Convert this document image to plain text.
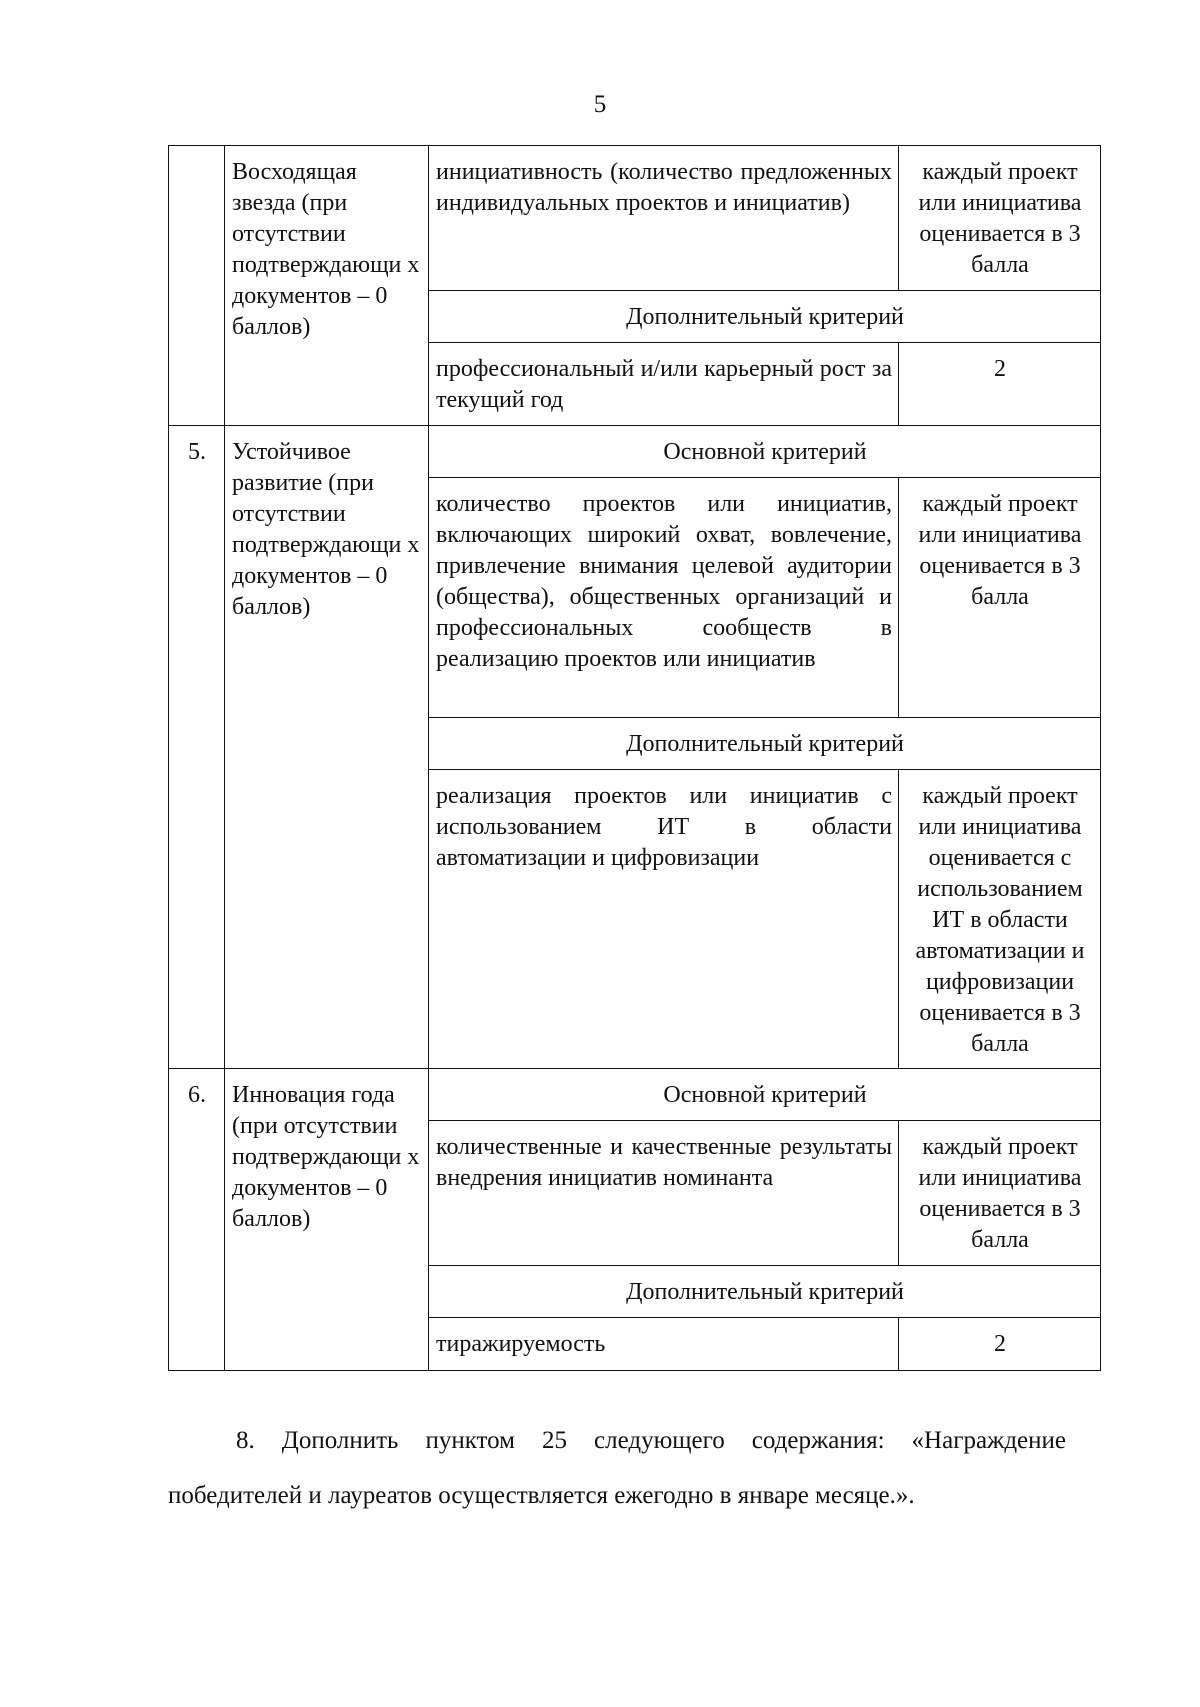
5
	Восходящая звезда (при отсутствии подтверждающи х документов – 0 баллов)	инициативность (количество предложенных индивидуальных проектов и инициатив)	каждый проект или инициатива оценивается в 3 балла
		Дополнительный критерий	
		профессиональный и/или карьерный рост за текущий год	2
5.	Устойчивое развитие (при отсутствии подтверждающи х документов – 0 баллов)	Основной критерий	
		количество проектов или инициатив, включающих широкий охват, вовлечение, привлечение внимания целевой аудитории (общества), общественных организаций и профессиональных сообществ в реализацию проектов или инициатив	каждый проект или инициатива оценивается в 3 балла
		Дополнительный критерий	
		реализация проектов или инициатив с использованием ИТ в области автоматизации и цифровизации	каждый проект или инициатива оценивается с использованием ИТ в области автоматизации и цифровизации оценивается в 3 балла
6.	Инновация года (при отсутствии подтверждающи х документов – 0 баллов)	Основной критерий	
		количественные и качественные результаты внедрения инициатив номинанта	каждый проект или инициатива оценивается в 3 балла
		Дополнительный критерий	
		тиражируемость	2

8. Дополнить пунктом 25 следующего содержания: «Награждение победителей и лауреатов осуществляется ежегодно в январе месяце.».
